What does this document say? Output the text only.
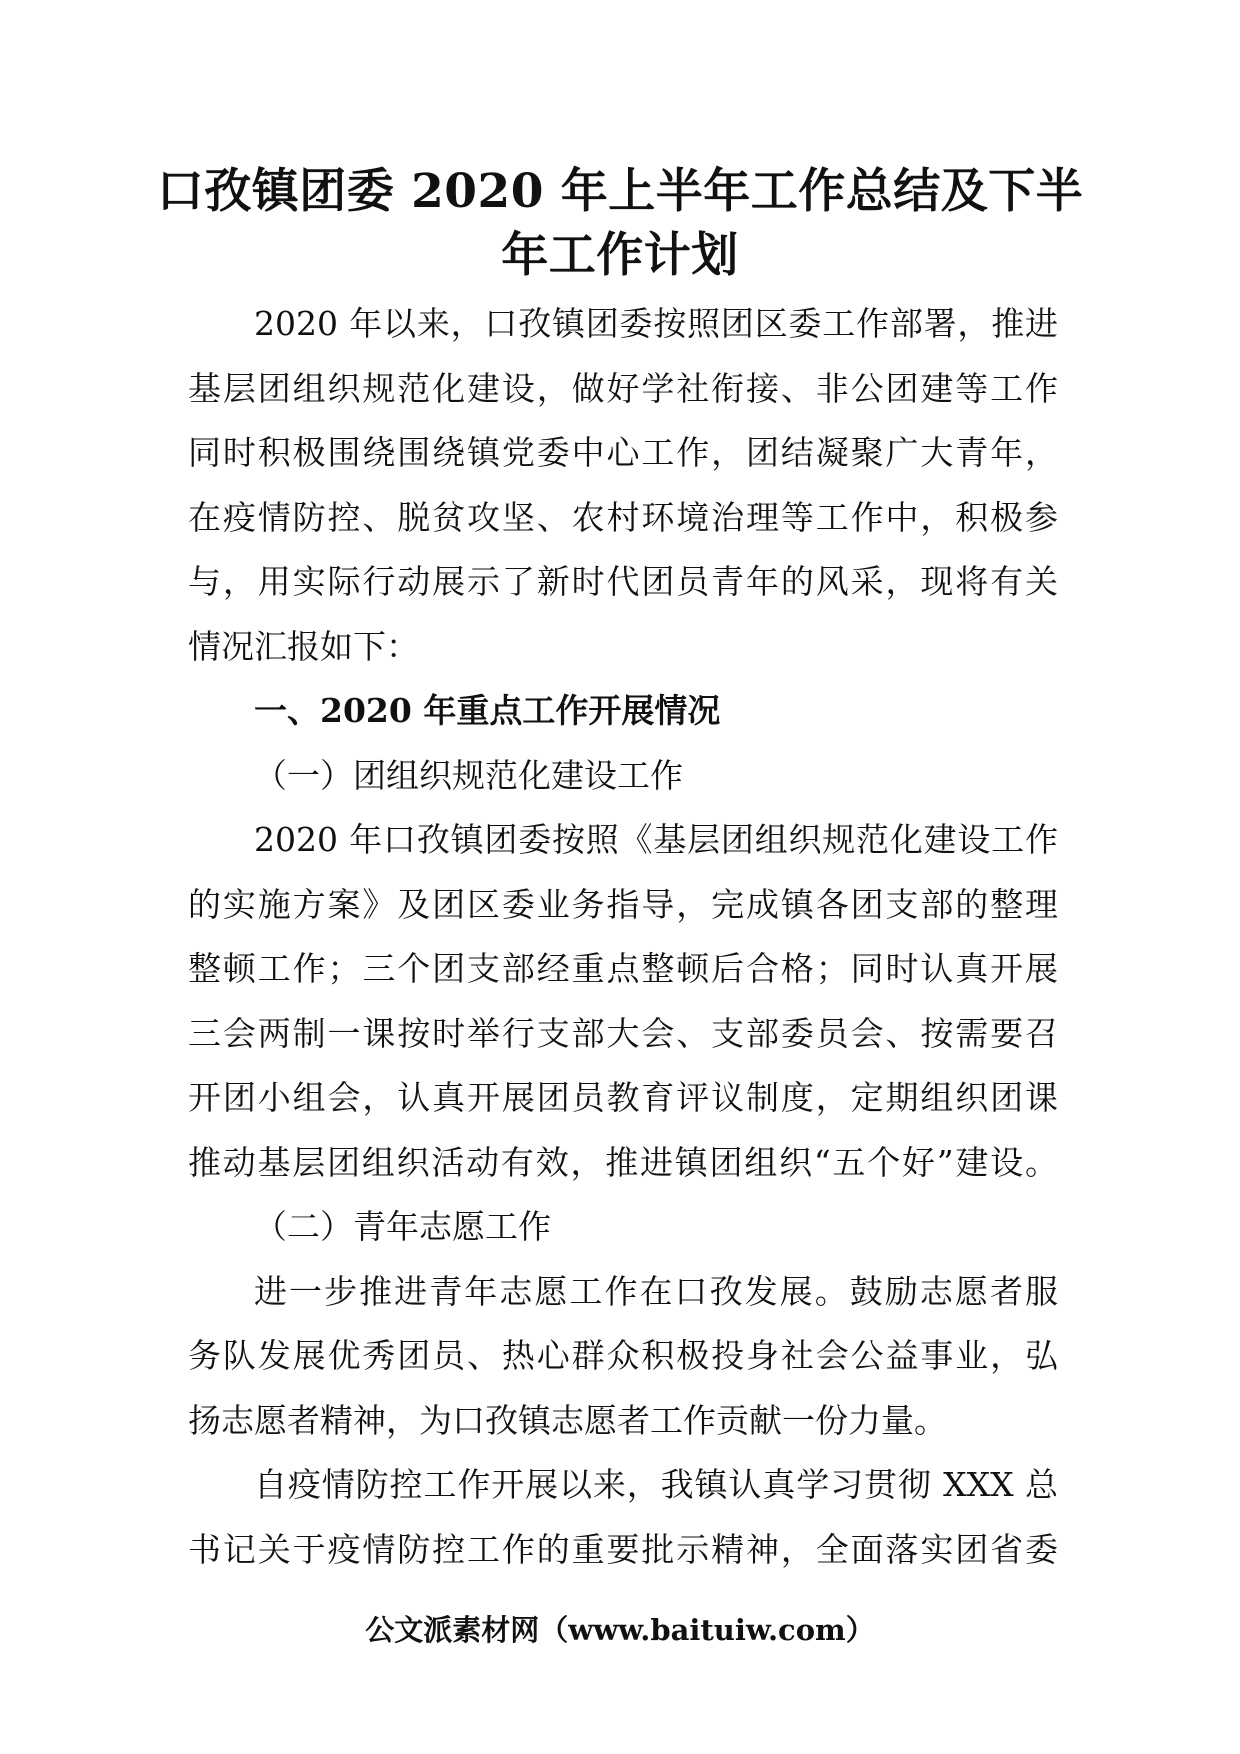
口孜镇团委 2020 年上半年工作总结及下半
年工作计划

2020 年以来，口孜镇团委按照团区委工作部署，推进
基层团组织规范化建设，做好学社衔接、非公团建等工作
同时积极围绕围绕镇党委中心工作，团结凝聚广大青年，
在疫情防控、脱贫攻坚、农村环境治理等工作中，积极参
与，用实际行动展示了新时代团员青年的风采，现将有关
情况汇报如下：

一、2020 年重点工作开展情况

（一）团组织规范化建设工作

2020 年口孜镇团委按照《基层团组织规范化建设工作
的实施方案》及团区委业务指导，完成镇各团支部的整理
整顿工作；三个团支部经重点整顿后合格；同时认真开展
三会两制一课按时举行支部大会、支部委员会、按需要召
开团小组会，认真开展团员教育评议制度，定期组织团课
推动基层团组织活动有效，推进镇团组织“五个好”建设。

（二）青年志愿工作

进一步推进青年志愿工作在口孜发展。鼓励志愿者服
务队发展优秀团员、热心群众积极投身社会公益事业，弘
扬志愿者精神，为口孜镇志愿者工作贡献一份力量。

自疫情防控工作开展以来，我镇认真学习贯彻 XXX 总
书记关于疫情防控工作的重要批示精神，全面落实团省委

公文派素材网（www.baituiw.com）
